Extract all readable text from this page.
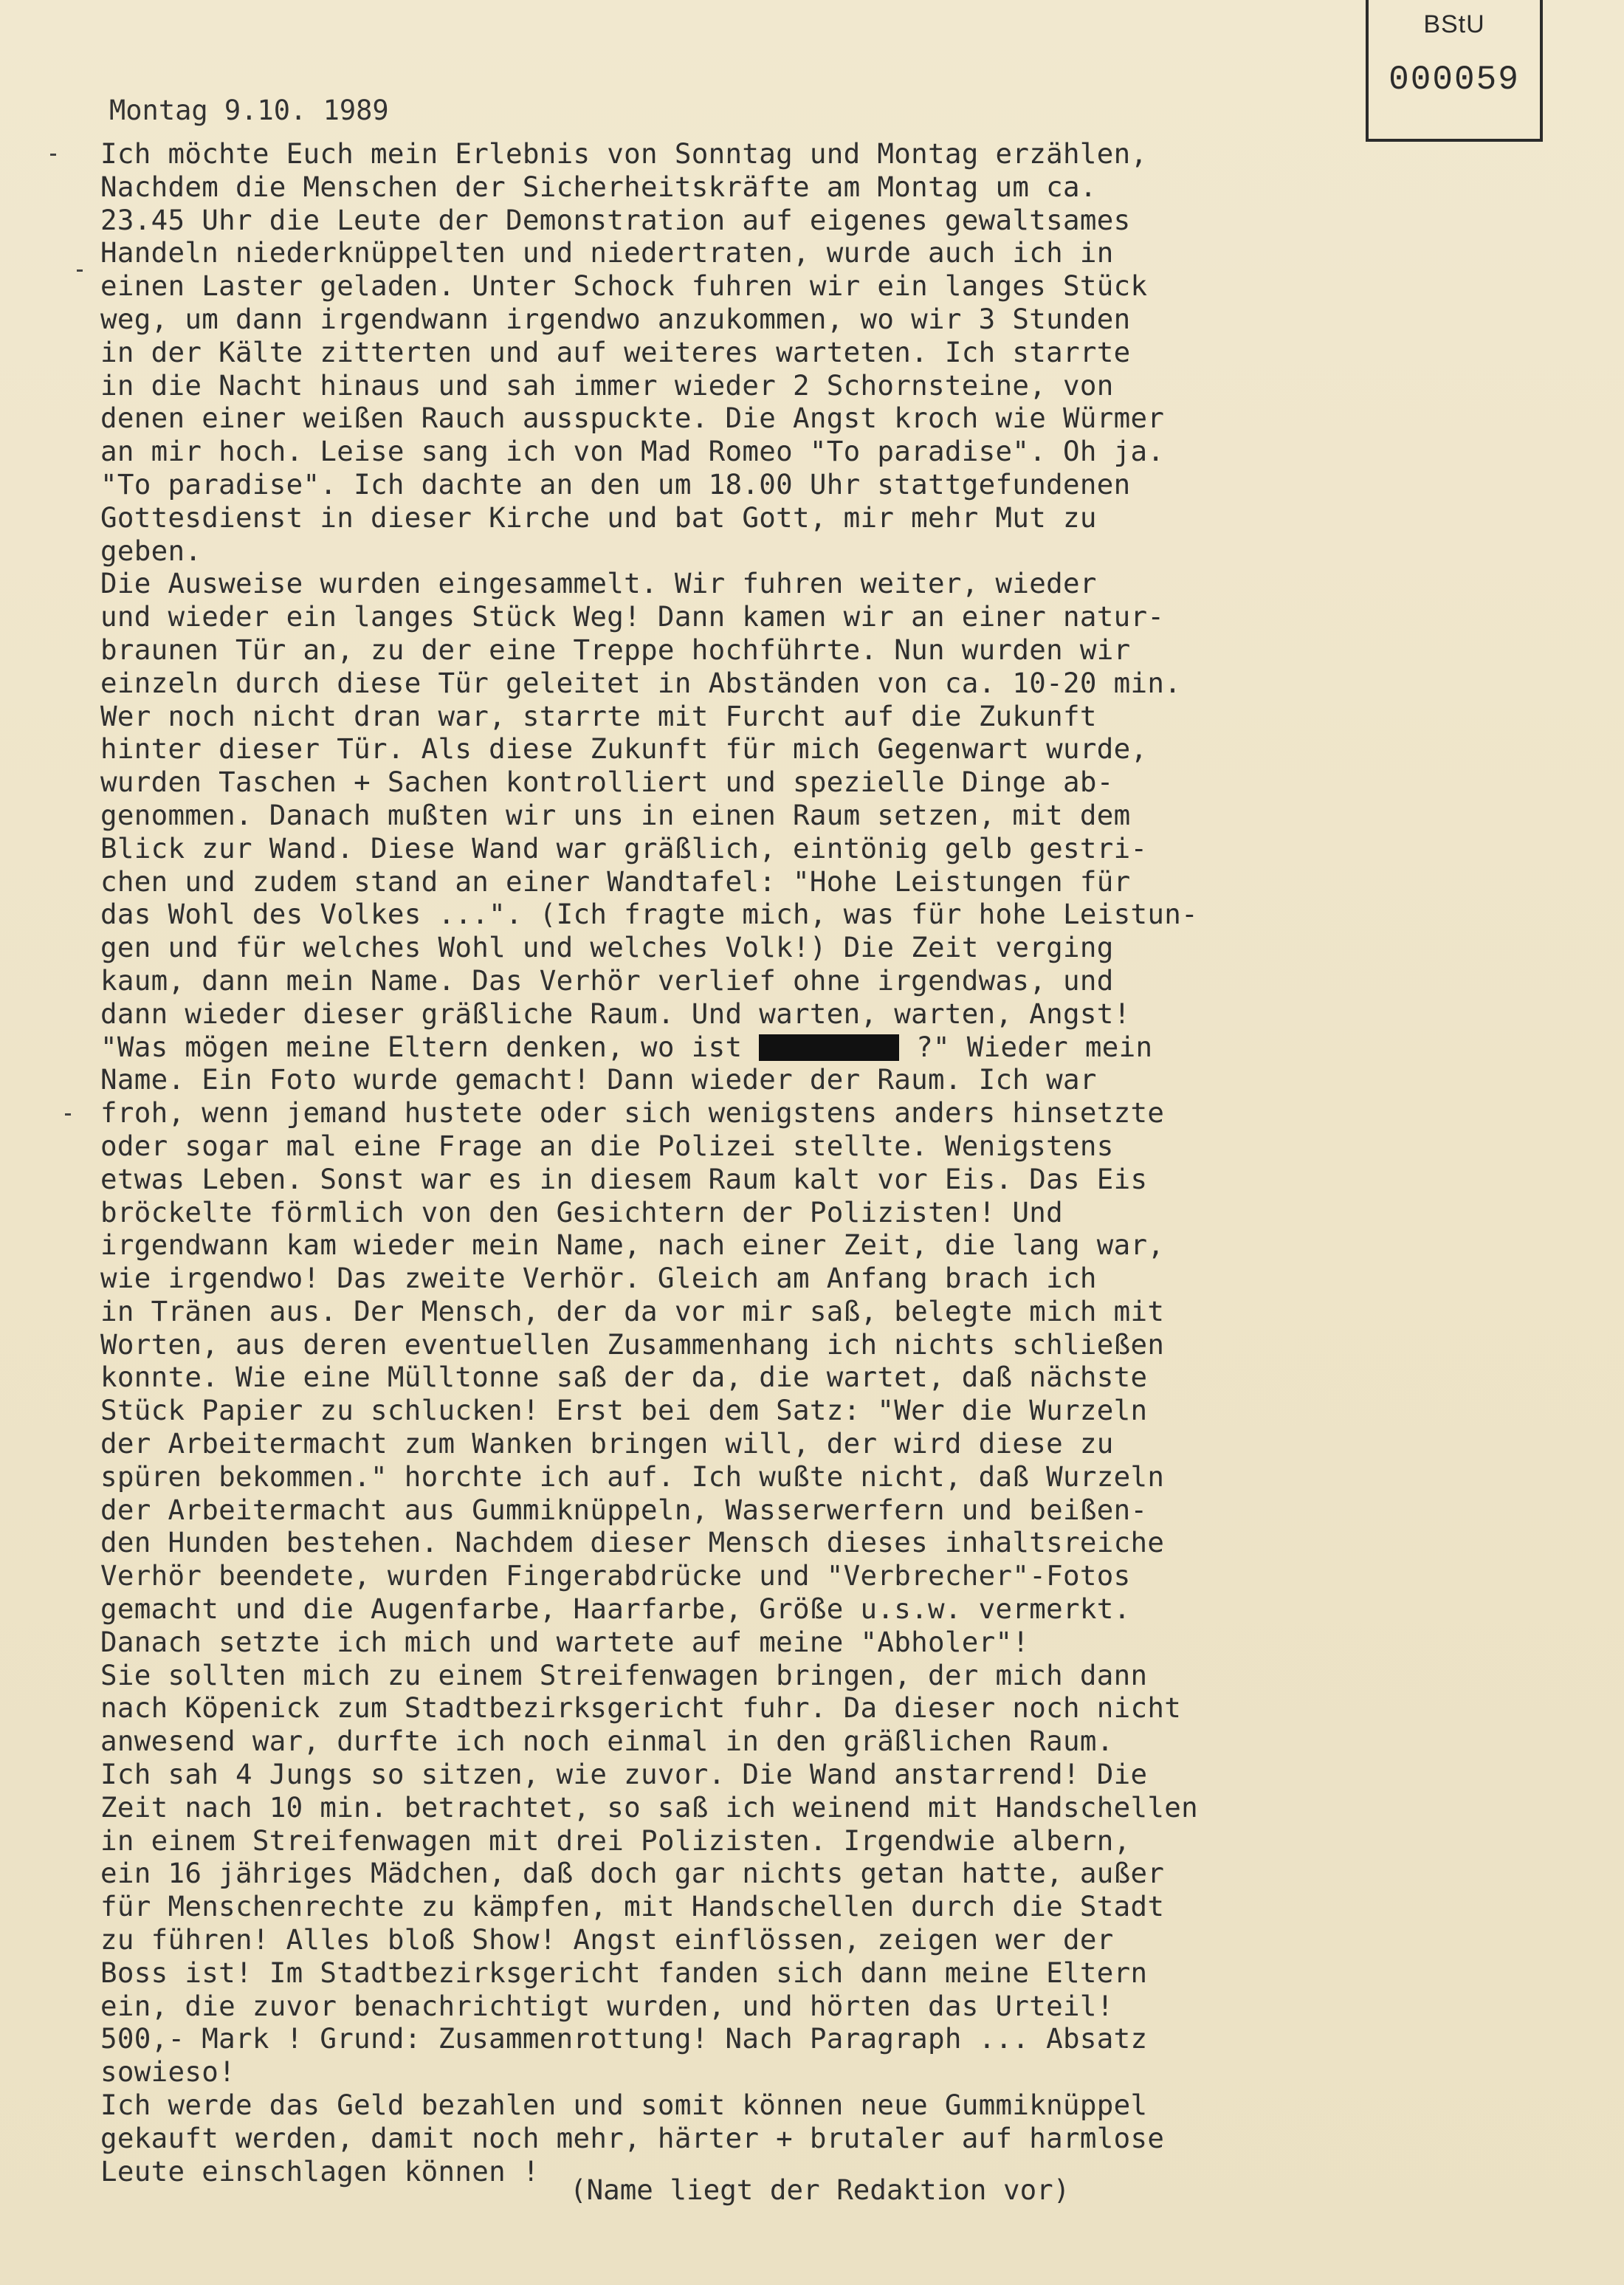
BStU
000059
Montag 9.10. 1989
Ich möchte Euch mein Erlebnis von Sonntag und Montag erzählen,
Nachdem die Menschen der Sicherheitskräfte am Montag um ca.
23.45 Uhr die Leute der Demonstration auf eigenes gewaltsames
Handeln niederknüppelten und niedertraten, wurde auch ich in
einen Laster geladen. Unter Schock fuhren wir ein langes Stück
weg, um dann irgendwann irgendwo anzukommen, wo wir 3 Stunden
in der Kälte zitterten und auf weiteres warteten. Ich starrte
in die Nacht hinaus und sah immer wieder 2 Schornsteine, von
denen einer weißen Rauch ausspuckte. Die Angst kroch wie Würmer
an mir hoch. Leise sang ich von Mad Romeo "To paradise". Oh ja.
"To paradise". Ich dachte an den um 18.00 Uhr stattgefundenen
Gottesdienst in dieser Kirche und bat Gott, mir mehr Mut zu
geben.
Die Ausweise wurden eingesammelt. Wir fuhren weiter, wieder
und wieder ein langes Stück Weg! Dann kamen wir an einer natur-
braunen Tür an, zu der eine Treppe hochführte. Nun wurden wir
einzeln durch diese Tür geleitet in Abständen von ca. 10-20 min.
Wer noch nicht dran war, starrte mit Furcht auf die Zukunft
hinter dieser Tür. Als diese Zukunft für mich Gegenwart wurde,
wurden Taschen + Sachen kontrolliert und spezielle Dinge ab-
genommen. Danach mußten wir uns in einen Raum setzen, mit dem
Blick zur Wand. Diese Wand war gräßlich, eintönig gelb gestri-
chen und zudem stand an einer Wandtafel: "Hohe Leistungen für
das Wohl des Volkes ...". (Ich fragte mich, was für hohe Leistun-
gen und für welches Wohl und welches Volk!) Die Zeit verging
kaum, dann mein Name. Das Verhör verlief ohne irgendwas, und
dann wieder dieser gräßliche Raum. Und warten, warten, Angst!
"Was mögen meine Eltern denken, wo ist	?" Wieder mein
Name. Ein Foto wurde gemacht! Dann wieder der Raum. Ich war
froh, wenn jemand hustete oder sich wenigstens anders hinsetzte
oder sogar mal eine Frage an die Polizei stellte. Wenigstens
etwas Leben. Sonst war es in diesem Raum kalt vor Eis. Das Eis
bröckelte förmlich von den Gesichtern der Polizisten! Und
irgendwann kam wieder mein Name, nach einer Zeit, die lang war,
wie irgendwo! Das zweite Verhör. Gleich am Anfang brach ich
in Tränen aus. Der Mensch, der da vor mir saß, belegte mich mit
Worten, aus deren eventuellen Zusammenhang ich nichts schließen
konnte. Wie eine Mülltonne saß der da, die wartet, daß nächste
Stück Papier zu schlucken! Erst bei dem Satz: "Wer die Wurzeln
der Arbeitermacht zum Wanken bringen will, der wird diese zu
spüren bekommen." horchte ich auf. Ich wußte nicht, daß Wurzeln
der Arbeitermacht aus Gummiknüppeln, Wasserwerfern und beißen-
den Hunden bestehen. Nachdem dieser Mensch dieses inhaltsreiche
Verhör beendete, wurden Fingerabdrücke und "Verbrecher"-Fotos
gemacht und die Augenfarbe, Haarfarbe, Größe u.s.w. vermerkt.
Danach setzte ich mich und wartete auf meine "Abholer"!
Sie sollten mich zu einem Streifenwagen bringen, der mich dann
nach Köpenick zum Stadtbezirksgericht fuhr. Da dieser noch nicht
anwesend war, durfte ich noch einmal in den gräßlichen Raum.
Ich sah 4 Jungs so sitzen, wie zuvor. Die Wand anstarrend! Die
Zeit nach 10 min. betrachtet, so saß ich weinend mit Handschellen
in einem Streifenwagen mit drei Polizisten. Irgendwie albern,
ein 16 jähriges Mädchen, daß doch gar nichts getan hatte, außer
für Menschenrechte zu kämpfen, mit Handschellen durch die Stadt
zu führen! Alles bloß Show! Angst einflössen, zeigen wer der
Boss ist! Im Stadtbezirksgericht fanden sich dann meine Eltern
ein, die zuvor benachrichtigt wurden, und hörten das Urteil!
500,- Mark ! Grund: Zusammenrottung! Nach Paragraph ... Absatz
sowieso!
Ich werde das Geld bezahlen und somit können neue Gummiknüppel
gekauft werden, damit noch mehr, härter + brutaler auf harmlose
Leute einschlagen können !
(Name liegt der Redaktion vor)
